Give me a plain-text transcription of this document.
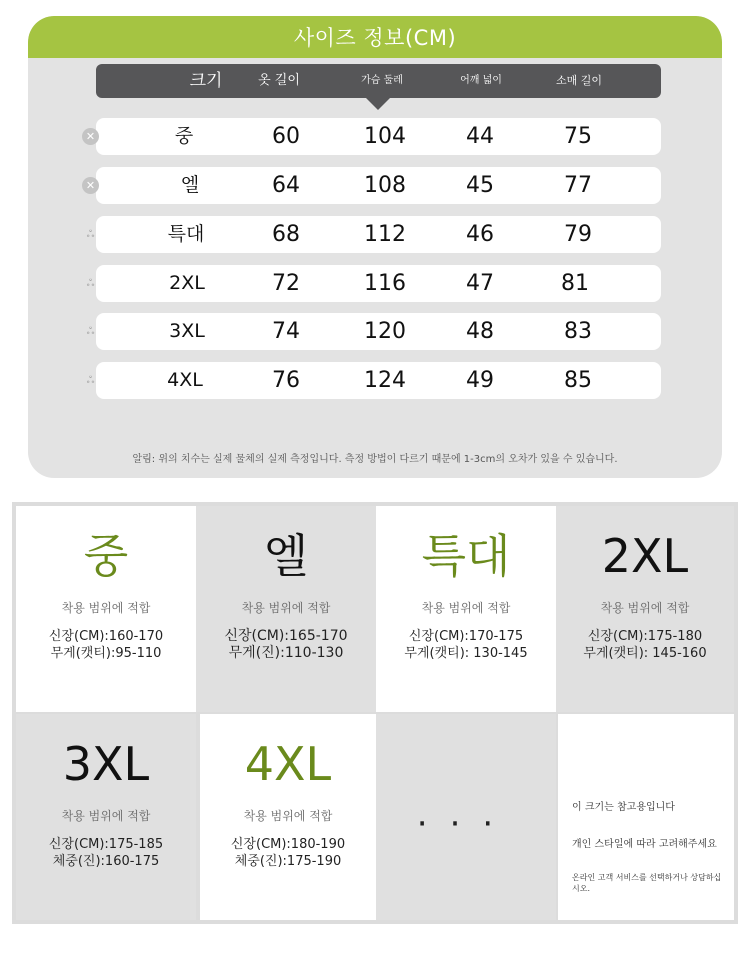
사이즈 정보(CM)
크기	옷 길이	가슴 둘레	어깨 넓이	소매 길이
✕	중	60	104	44	75
✕	엘	64	108	45	77
ஃ	특대	68	112	46	79
ஃ	2XL	72	116	47	81
ஃ	3XL	74	120	48	83
ஃ	4XL	76	124	49	85
알림: 위의 치수는 실제 물체의 실제 측정입니다. 측정 방법이 다르기 때문에 1-3cm의 오차가 있을 수 있습니다.
중
착용 범위에 적합
신장(CM):160-170
무게(캣티):95-110
엘
착용 범위에 적합
신장(CM):165-170
무게(진):110-130
특대
착용 범위에 적합
신장(CM):170-175
무게(캣티): 130-145
2XL
착용 범위에 적합
신장(CM):175-180
무게(캣티): 145-160
3XL
착용 범위에 적합
신장(CM):175-185
체중(진):160-175
4XL
착용 범위에 적합
신장(CM):180-190
체중(진):175-190
···	이 크기는 참고용입니다

개인 스타일에 따라 고려해주세요

온라인 고객 서비스를 선택하거나 상담하십시오.
